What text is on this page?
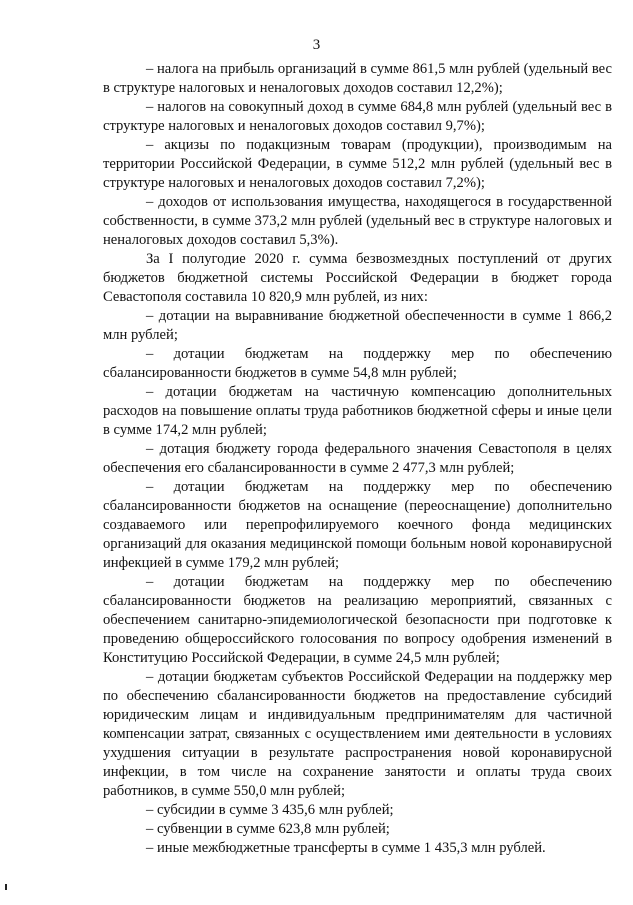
3

– налога на прибыль организаций в сумме 861,5 млн рублей (удельный вес в структуре налоговых и неналоговых доходов составил 12,2%);

– налогов на совокупный доход в сумме 684,8 млн рублей (удельный вес в структуре налоговых и неналоговых доходов составил 9,7%);

– акцизы по подакцизным товарам (продукции), производимым на территории Российской Федерации, в сумме 512,2 млн рублей (удельный вес в структуре налоговых и неналоговых доходов составил 7,2%);

– доходов от использования имущества, находящегося в государственной собственности, в сумме 373,2 млн рублей (удельный вес в структуре налоговых и неналоговых доходов составил 5,3%).

За I полугодие 2020 г. сумма безвозмездных поступлений от других бюджетов бюджетной системы Российской Федерации в бюджет города Севастополя составила 10 820,9 млн рублей, из них:

– дотации на выравнивание бюджетной обеспеченности в сумме 1 866,2 млн рублей;

– дотации бюджетам на поддержку мер по обеспечению сбалансированности бюджетов в сумме 54,8 млн рублей;

– дотации бюджетам на частичную компенсацию дополнительных расходов на повышение оплаты труда работников бюджетной сферы и иные цели в сумме 174,2 млн рублей;

– дотация бюджету города федерального значения Севастополя в целях обеспечения его сбалансированности в сумме 2 477,3 млн рублей;

– дотации бюджетам на поддержку мер по обеспечению сбалансированности бюджетов на оснащение (переоснащение) дополнительно создаваемого или перепрофилируемого коечного фонда медицинских организаций для оказания медицинской помощи больным новой коронавирусной инфекцией в сумме 179,2 млн рублей;

– дотации бюджетам на поддержку мер по обеспечению сбалансированности бюджетов на реализацию мероприятий, связанных с обеспечением санитарно-эпидемиологической безопасности при подготовке к проведению общероссийского голосования по вопросу одобрения изменений в Конституцию Российской Федерации, в сумме 24,5 млн рублей;

– дотации бюджетам субъектов Российской Федерации на поддержку мер по обеспечению сбалансированности бюджетов на предоставление субсидий юридическим лицам и индивидуальным предпринимателям для частичной компенсации затрат, связанных с осуществлением ими деятельности в условиях ухудшения ситуации в результате распространения новой коронавирусной инфекции, в том числе на сохранение занятости и оплаты труда своих работников, в сумме 550,0 млн рублей;

– субсидии в сумме 3 435,6 млн рублей;

– субвенции в сумме 623,8 млн рублей;

– иные межбюджетные трансферты в сумме 1 435,3 млн рублей.
